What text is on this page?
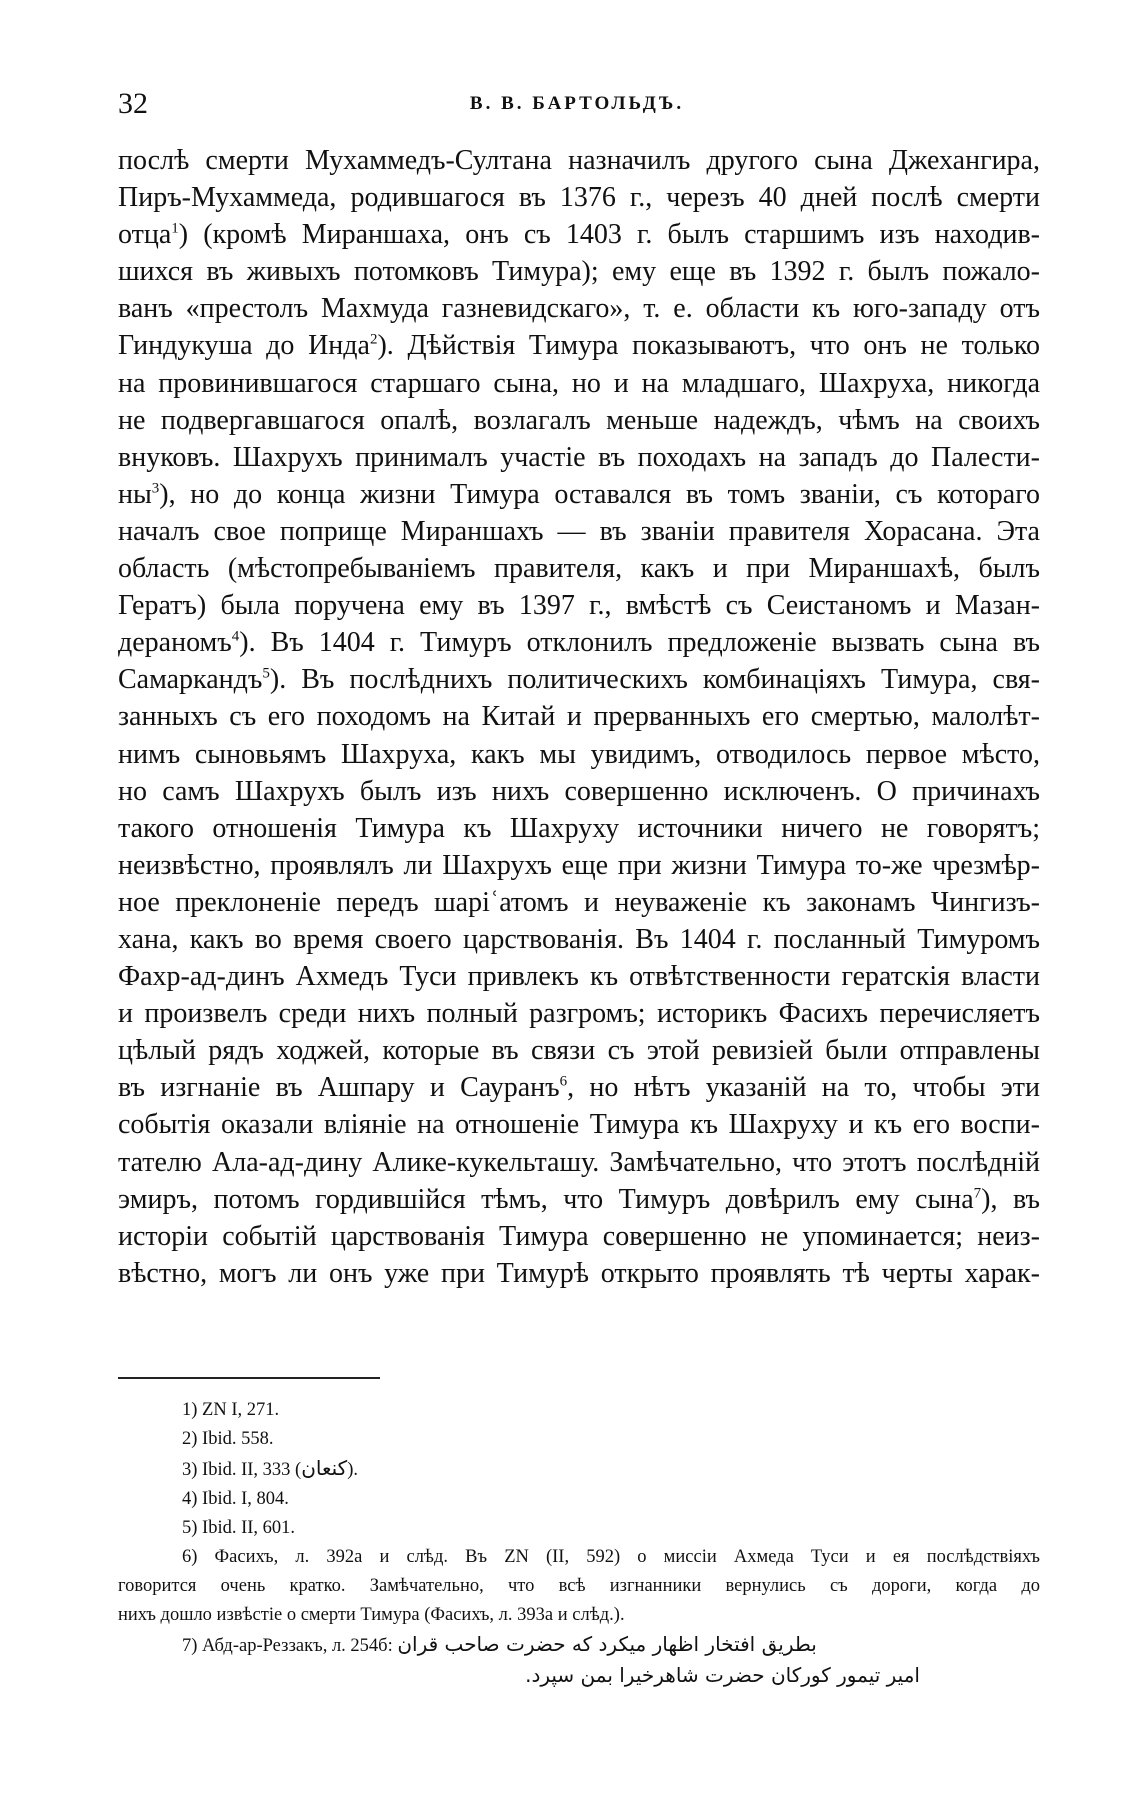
32	В. В. БАРТОЛЬДЪ.
послѣ смерти Мухаммедъ-Султана назначилъ другого сына Джехангира,
Пиръ-Мухаммеда, родившагося въ 1376 г., черезъ 40 дней послѣ смерти
отца$^1$) (кромѣ Мираншаха, онъ съ 1403 г. былъ старшимъ изъ находив-
шихся въ живыхъ потомковъ Тимура); ему еще въ 1392 г. былъ пожало-
ванъ «престолъ Махмуда газневидскаго», т. е. области къ юго-западу отъ
Гиндукуша до Инда$^2$). Дѣйствія Тимура показываютъ, что онъ не только
на провинившагося старшаго сына, но и на младшаго, Шахруха, никогда
не подвергавшагося опалѣ, возлагалъ меньше надеждъ, чѣмъ на своихъ
внуковъ. Шахрухъ принималъ участіе въ походахъ на западъ до Палести-
$ны^3$), но до конца жизни Тимура оставался въ томъ званіи, съ котораго
началъ свое поприще Мираншахъ — въ званіи правителя Хорасана. Эта
область (мѣстопребываніемъ правителя, какъ и при Мираншахѣ, былъ
Гератъ) была поручена ему въ 1397 г., вмѣстѣ съ Сеистаномъ и Мазан-
дераномъ$^4$). Въ 1404 г. Тимуръ отклонилъ предложеніе вызвать сына въ
Самаркандъ$^5$). Въ послѣднихъ политическихъ комбинаціяхъ Тимура, свя-
занныхъ съ его походомъ на Китай и прерванныхъ его смертью, малолѣт-
нимъ сыновьямъ Шахруха, какъ мы увидимъ, отводилось первое мѣсто,
но самъ Шахрухъ былъ изъ нихъ совершенно исключенъ. О причинахъ
такого отношенія Тимура къ Шахруху источники ничего не говорятъ;
неизвѣстно, проявлялъ ли Шахрухъ еще при жизни Тимура то-же чрезмѣр-
ное преклоненіе передъ шаріʿатомъ и неуваженіе къ законамъ Чингизъ-
хана, какъ во время своего царствованія. Въ 1404 г. посланный Тимуромъ
Фахр-ад-динъ Ахмедъ Туси привлекъ къ отвѣтственности гератскія власти
и произвелъ среди нихъ полный разгромъ; историкъ Фасихъ перечисляетъ
цѣлый рядъ ходжей, которые въ связи съ этой ревизіей были отправлены
въ изгнаніе въ Ашпару и Сауранъ$^6$, но нѣтъ указаній на то, чтобы эти
событія оказали вліяніе на отношеніе Тимура къ Шахруху и къ его воспи-
тателю Ала-ад-дину Алике-кукельташу. Замѣчательно, что этотъ послѣдній
эмиръ, потомъ гордившійся тѣмъ, что Тимуръ довѣрилъ ему сына$^7$), въ
исторіи событій царствованія Тимура совершенно не упоминается; неиз-
вѣстно, могъ ли онъ уже при Тимурѣ открыто проявлять тѣ черты харак-
1) ZN I, 271.
2) Ibid. 558.
3) Ibid. II, 333 (كنعان).
4) Ibid. I, 804.
5) Ibid. II, 601.
6) Фасихъ, л. 392а и слѣд. Въ ZN (II, 592) о миссіи Ахмеда Туси и ея послѣдствіяхъ
говорится очень кратко. Замѣчательно, что всѣ изгнанники вернулись съ дороги, когда до
нихъ дошло извѣстіе о смерти Тимура (Фасихъ, л. 393а и слѣд.).
7) Абд-ар-Реззакъ, л. 254б: بطريق افتخار اظهار ميكرد كه حضرت صاحب قران
امير تيمور كوركان حضرت شاهرخيرا بمن سپرد.
